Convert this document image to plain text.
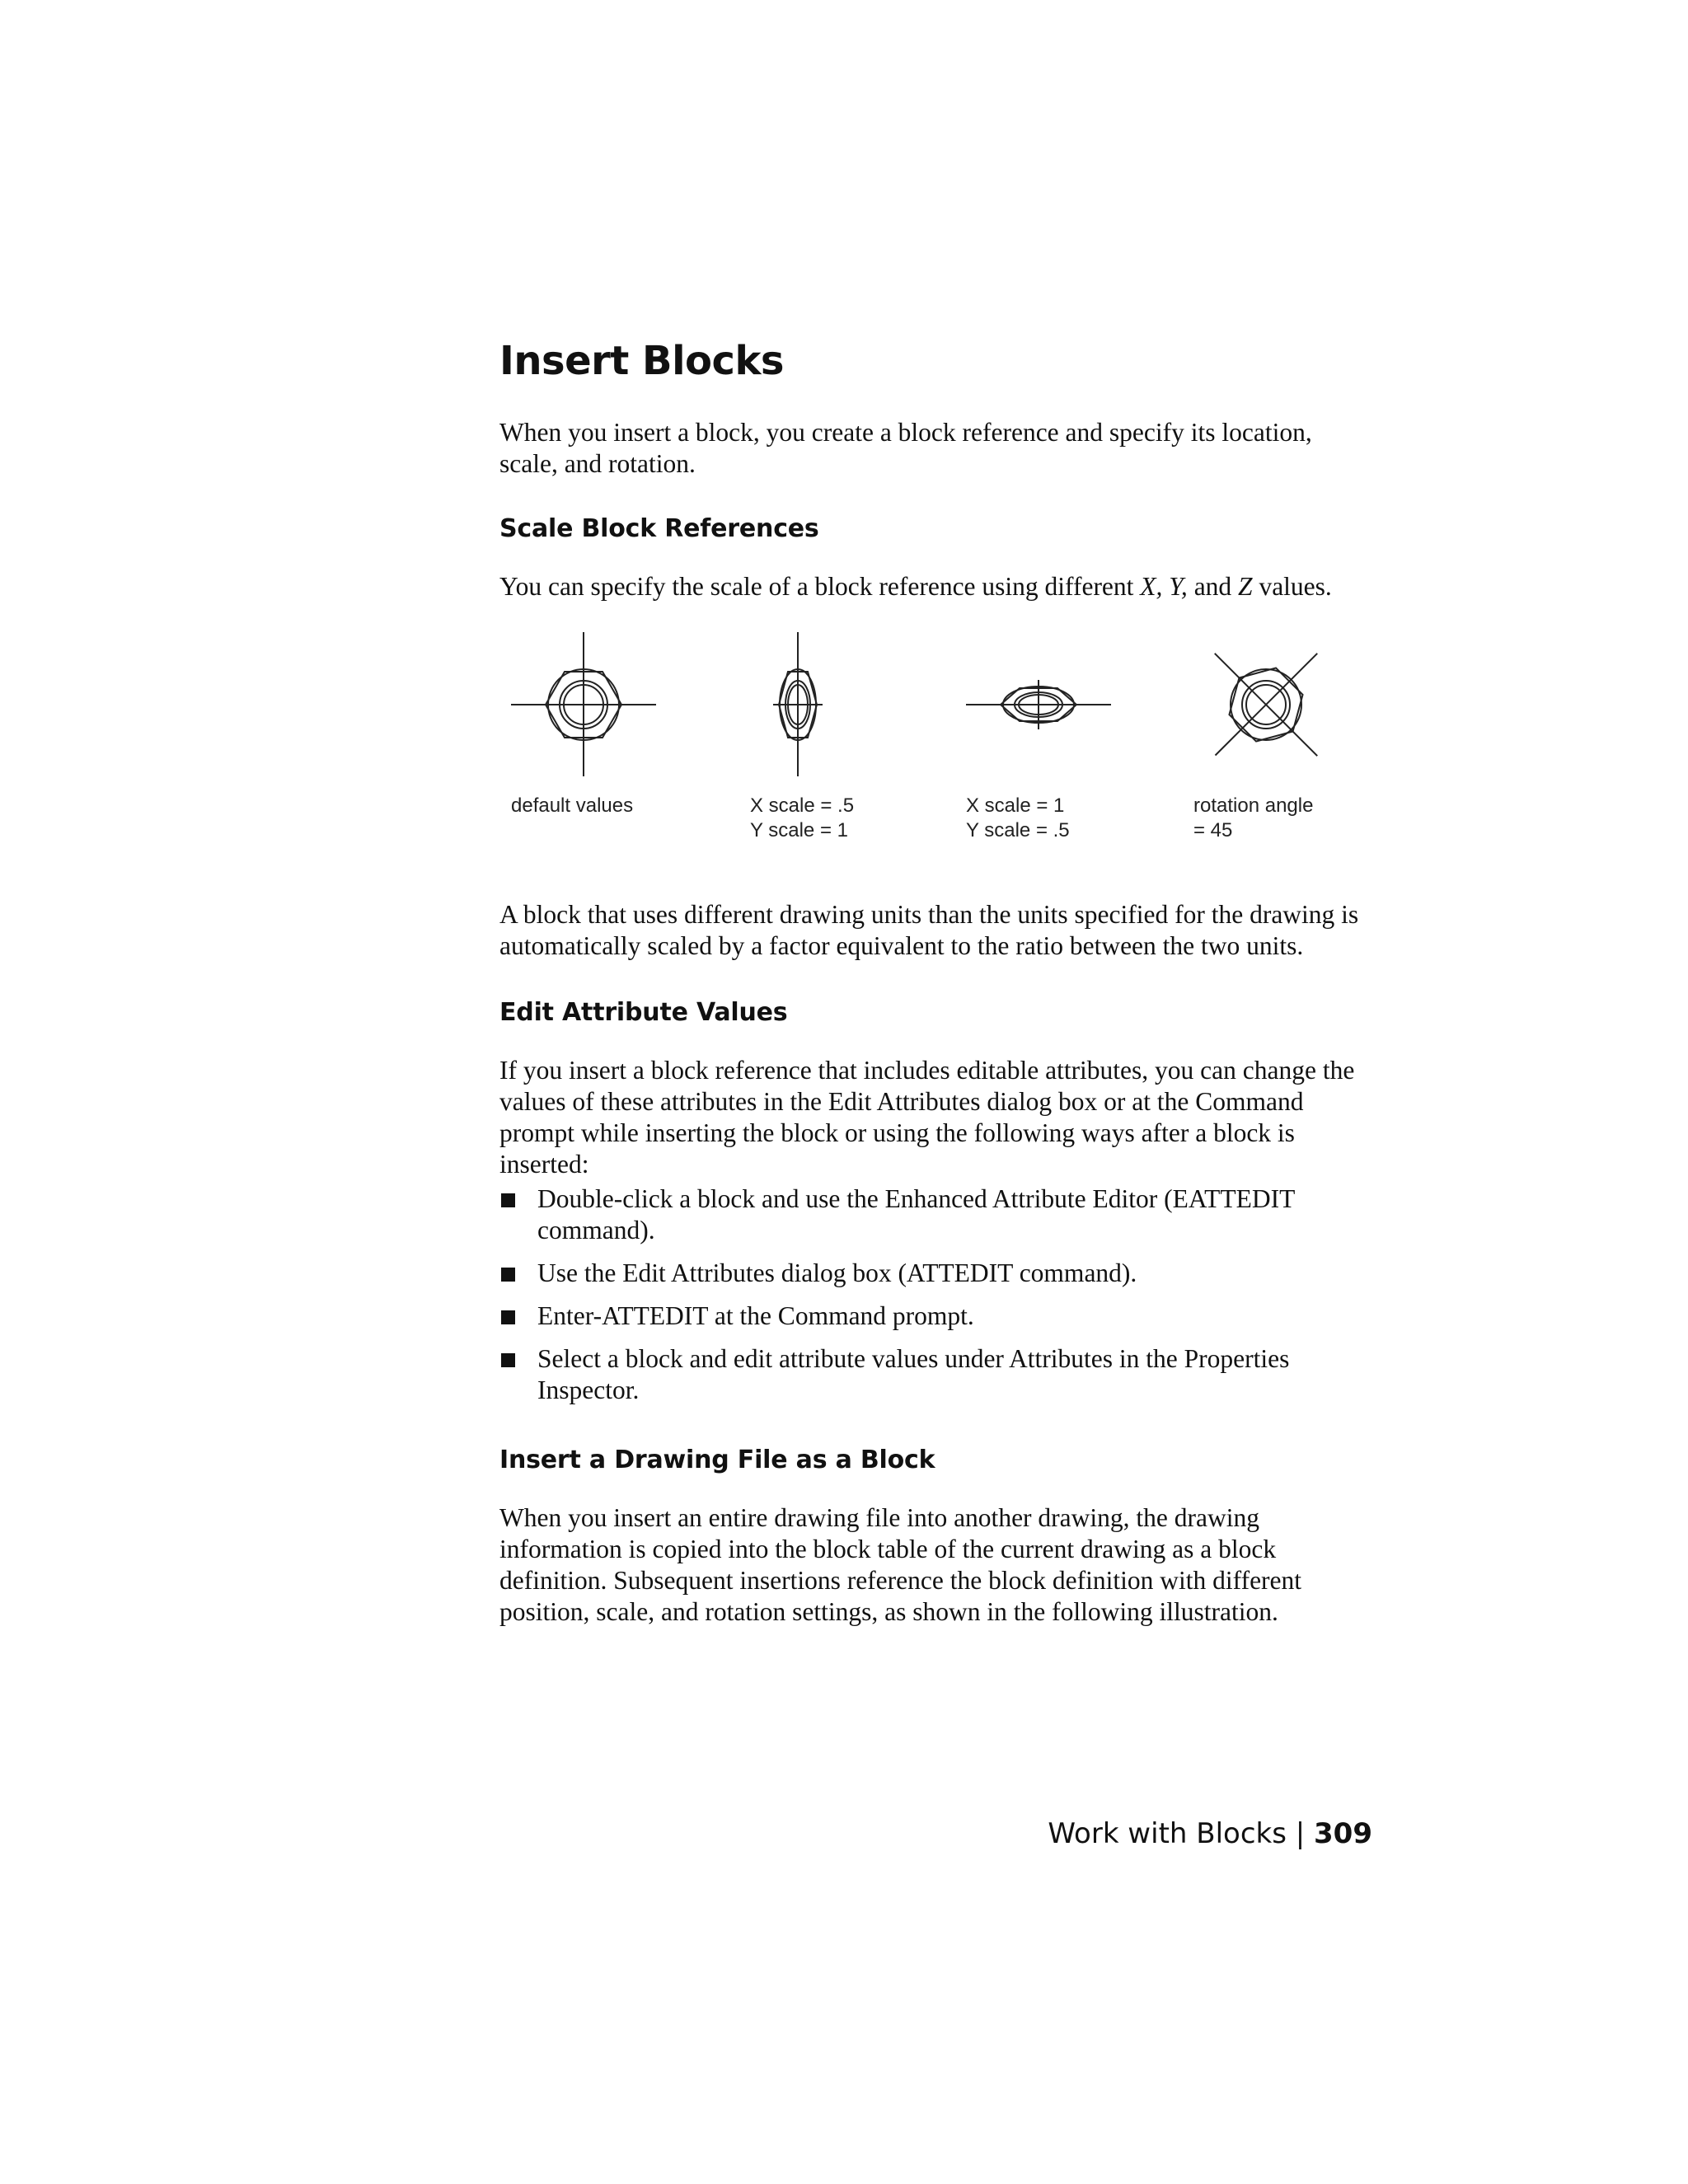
Insert Blocks

When you insert a block, you create a block reference and specify its location, scale, and rotation.

Scale Block References

You can specify the scale of a block reference using different X, Y, and Z values.

default values	X scale = .5
Y scale = 1
X scale = 1
Y scale = .5
rotation angle
= 45

A block that uses different drawing units than the units specified for the drawing is automatically scaled by a factor equivalent to the ratio between the two units.

Edit Attribute Values

If you insert a block reference that includes editable attributes, you can change the values of these attributes in the Edit Attributes dialog box or at the Command prompt while inserting the block or using the following ways after a block is inserted:

Double-click a block and use the Enhanced Attribute Editor (EATTEDIT command).
Use the Edit Attributes dialog box (ATTEDIT command).
Enter-ATTEDIT at the Command prompt.
Select a block and edit attribute values under Attributes in the Properties Inspector.
Insert a Drawing File as a Block

When you insert an entire drawing file into another drawing, the drawing information is copied into the block table of the current drawing as a block definition. Subsequent insertions reference the block definition with different position, scale, and rotation settings, as shown in the following illustration.

Work with Blocks | 309
